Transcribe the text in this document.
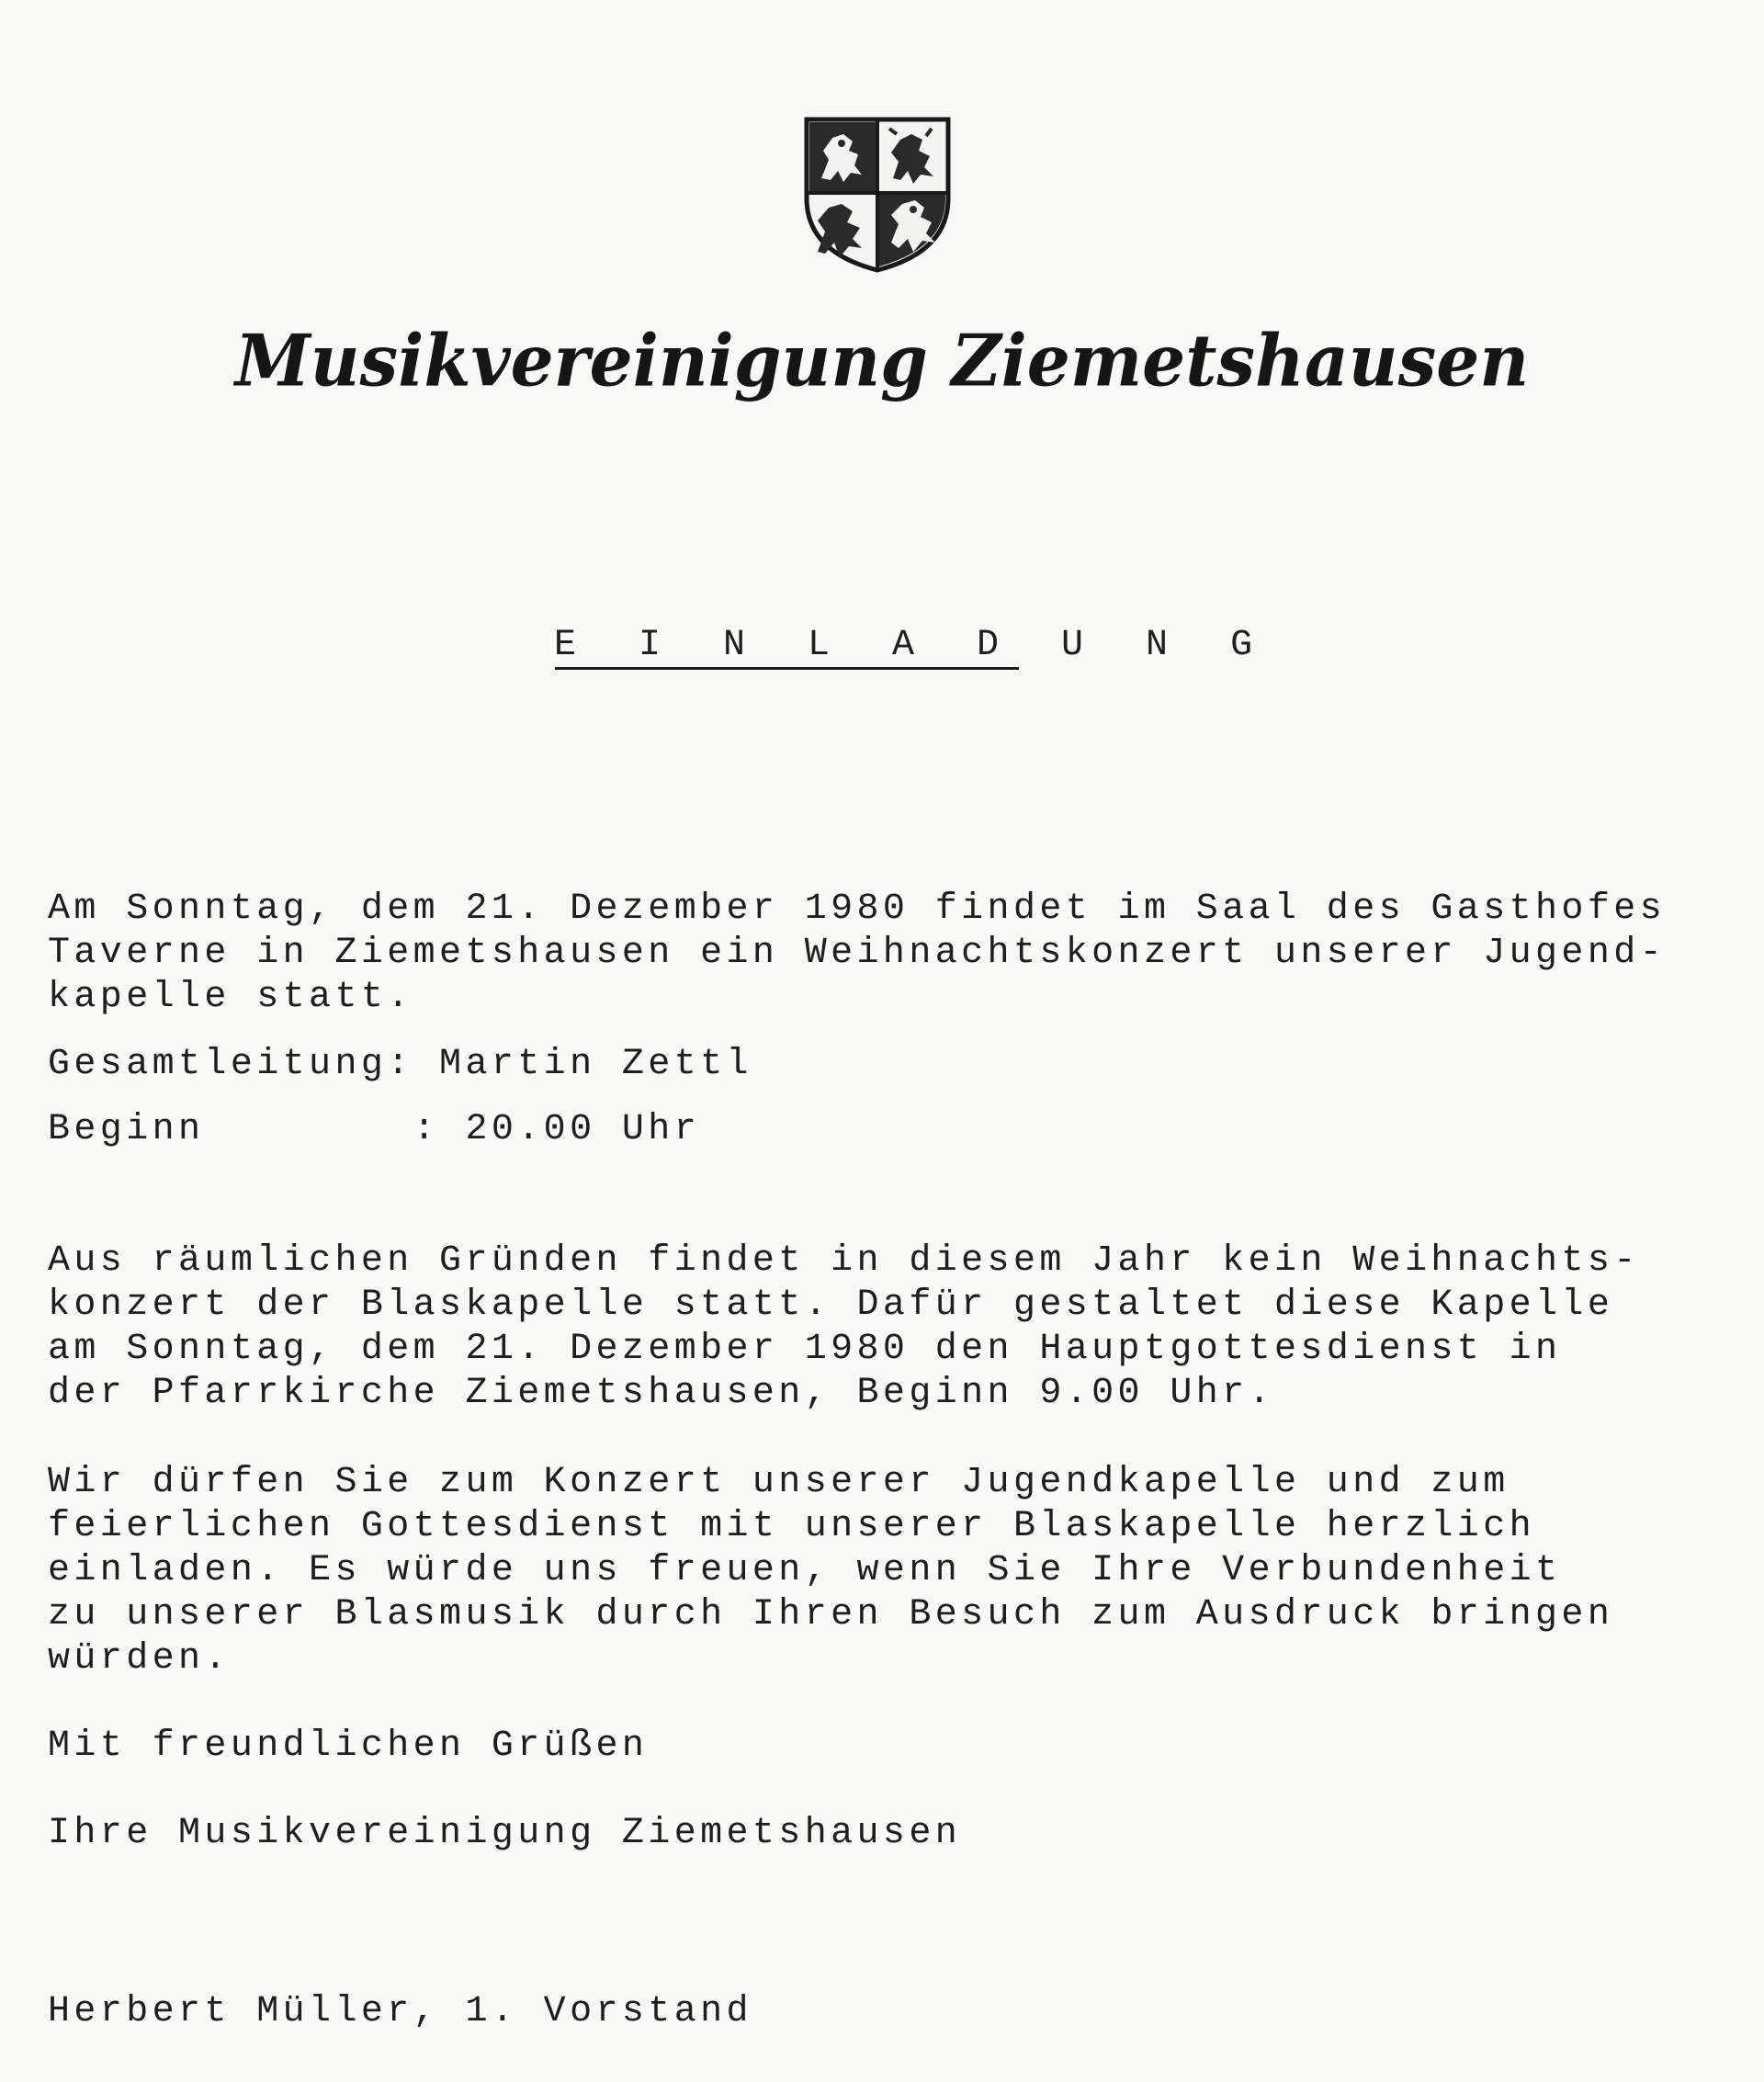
Musikvereinigung Ziemetshausen
E I N L A D U N G
Am Sonntag, dem 21. Dezember 1980 findet im Saal des Gasthofes
Taverne in Ziemetshausen ein Weihnachtskonzert unserer Jugend-
kapelle statt.
Gesamtleitung: Martin Zettl
Beginn        : 20.00 Uhr
Aus räumlichen Gründen findet in diesem Jahr kein Weihnachts-
konzert der Blaskapelle statt. Dafür gestaltet diese Kapelle
am Sonntag, dem 21. Dezember 1980 den Hauptgottesdienst in
der Pfarrkirche Ziemetshausen, Beginn 9.00 Uhr.
Wir dürfen Sie zum Konzert unserer Jugendkapelle und zum
feierlichen Gottesdienst mit unserer Blaskapelle herzlich
einladen. Es würde uns freuen, wenn Sie Ihre Verbundenheit
zu unserer Blasmusik durch Ihren Besuch zum Ausdruck bringen
würden.
Mit freundlichen Grüßen
Ihre Musikvereinigung Ziemetshausen
Herbert Müller, 1. Vorstand
